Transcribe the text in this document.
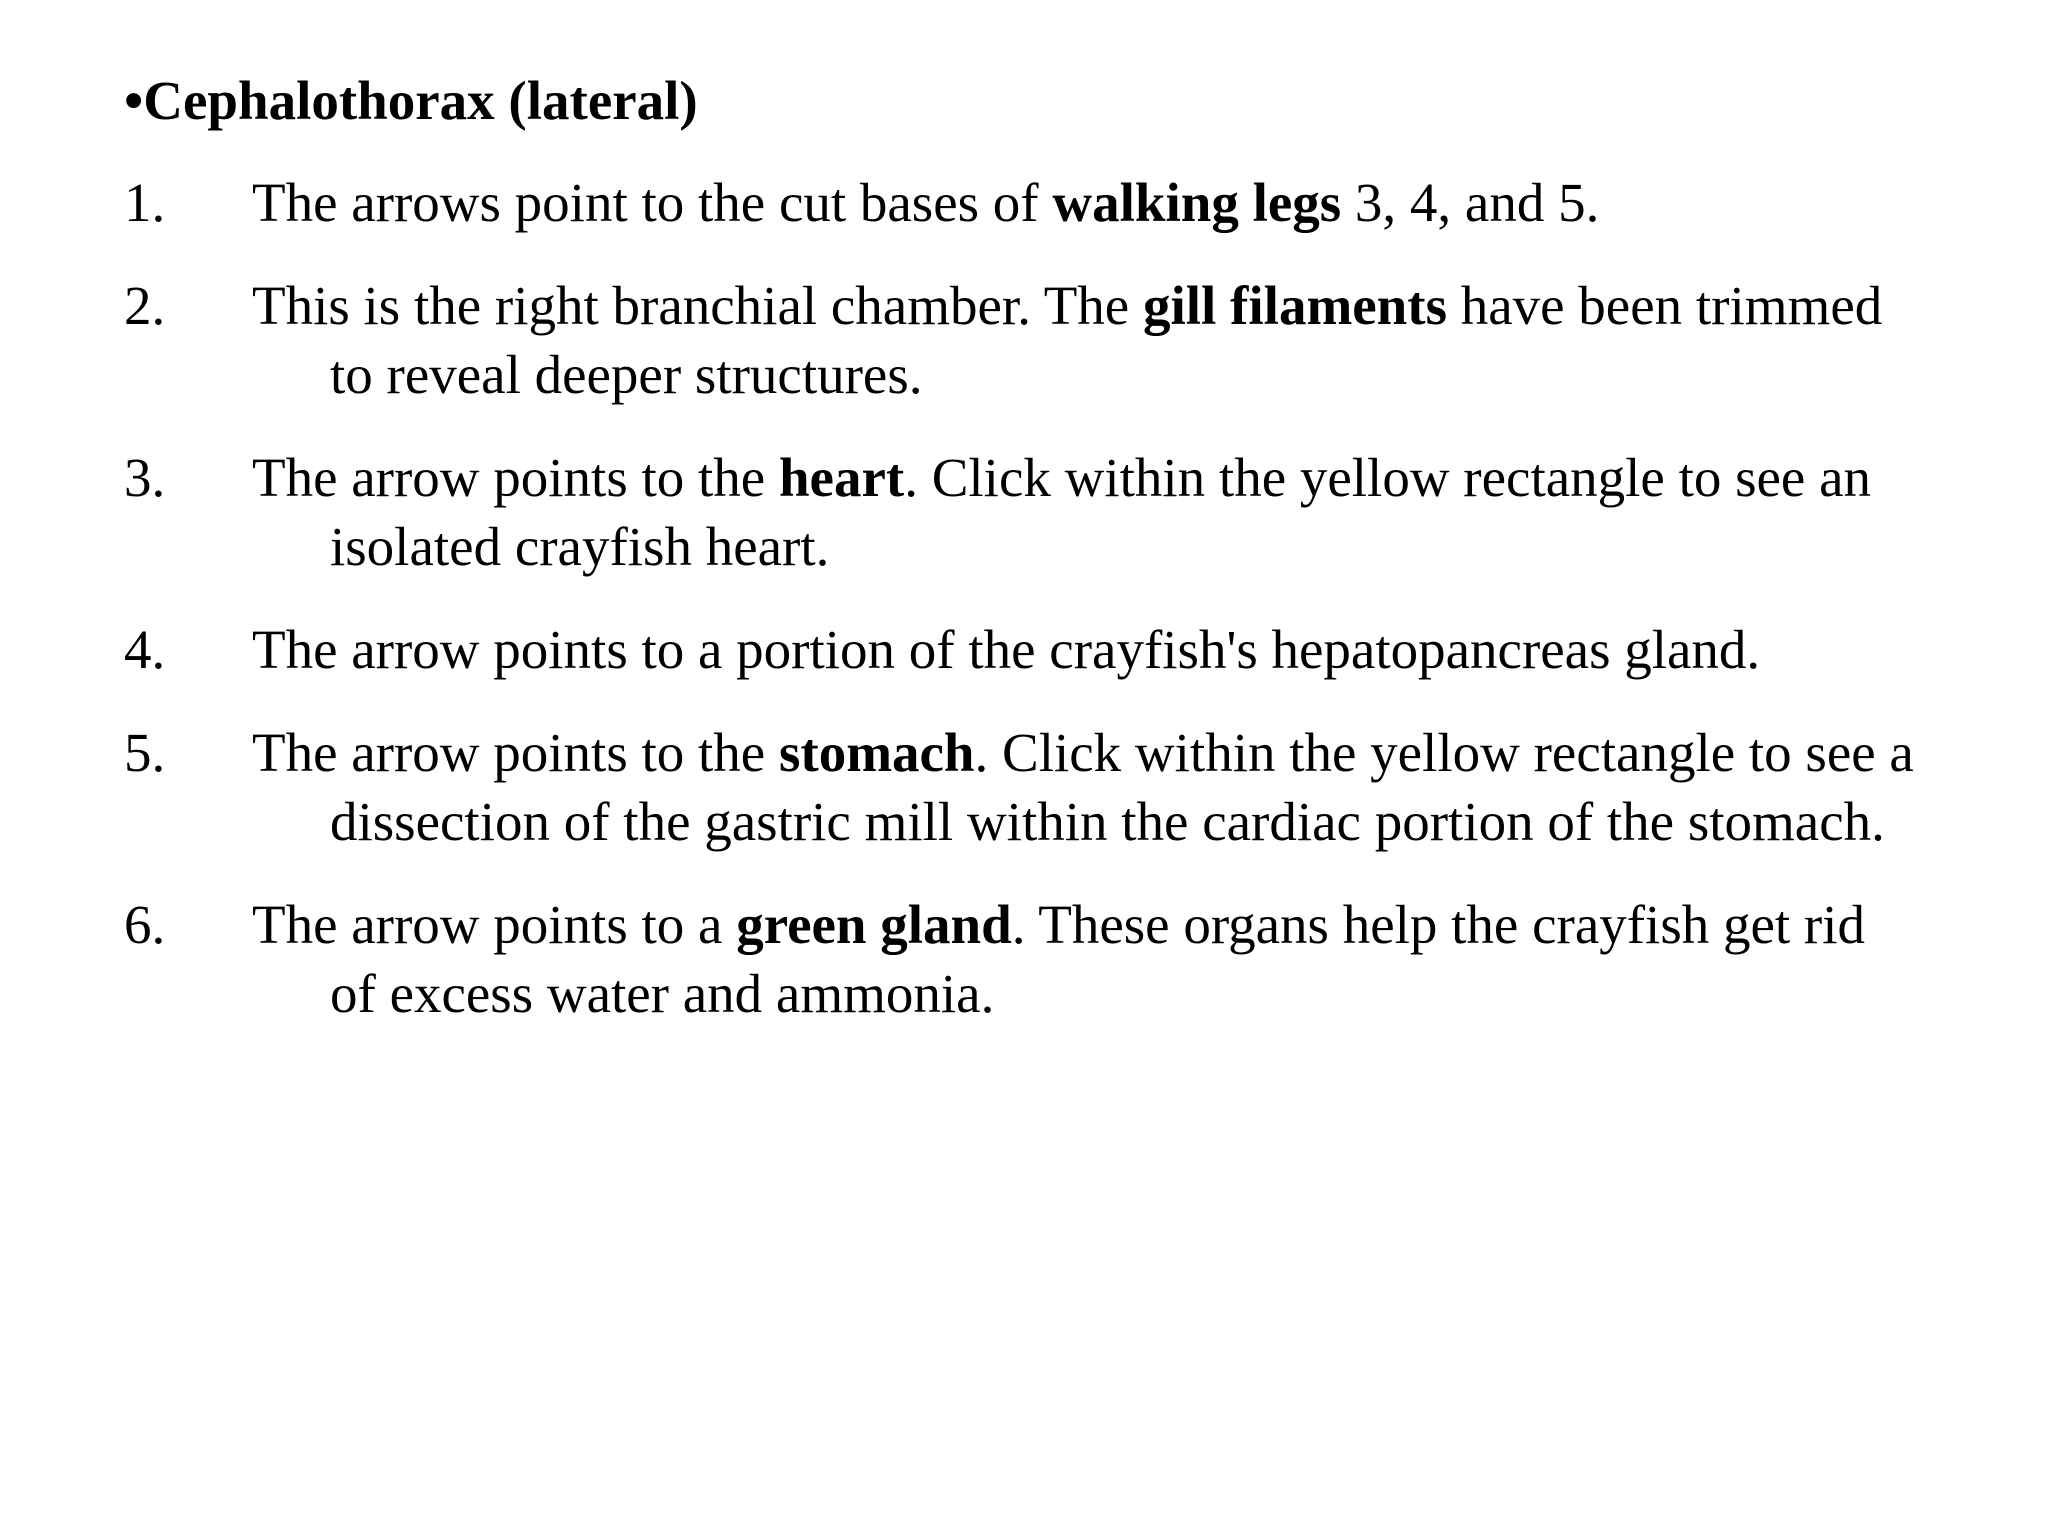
•Cephalothorax (lateral)
1.	The arrows point to the cut bases of walking legs 3, 4, and 5.
2.	This is the right branchial chamber. The gill filaments have been trimmed to reveal deeper structures.
3.	The arrow points to the heart. Click within the yellow rectangle to see an isolated crayfish heart.
4.	The arrow points to a portion of the crayfish's hepatopancreas gland.
5.	The arrow points to the stomach. Click within the yellow rectangle to see a dissection of the gastric mill within the cardiac portion of the stomach.
6.	The arrow points to a green gland. These organs help the crayfish get rid of excess water and ammonia.
